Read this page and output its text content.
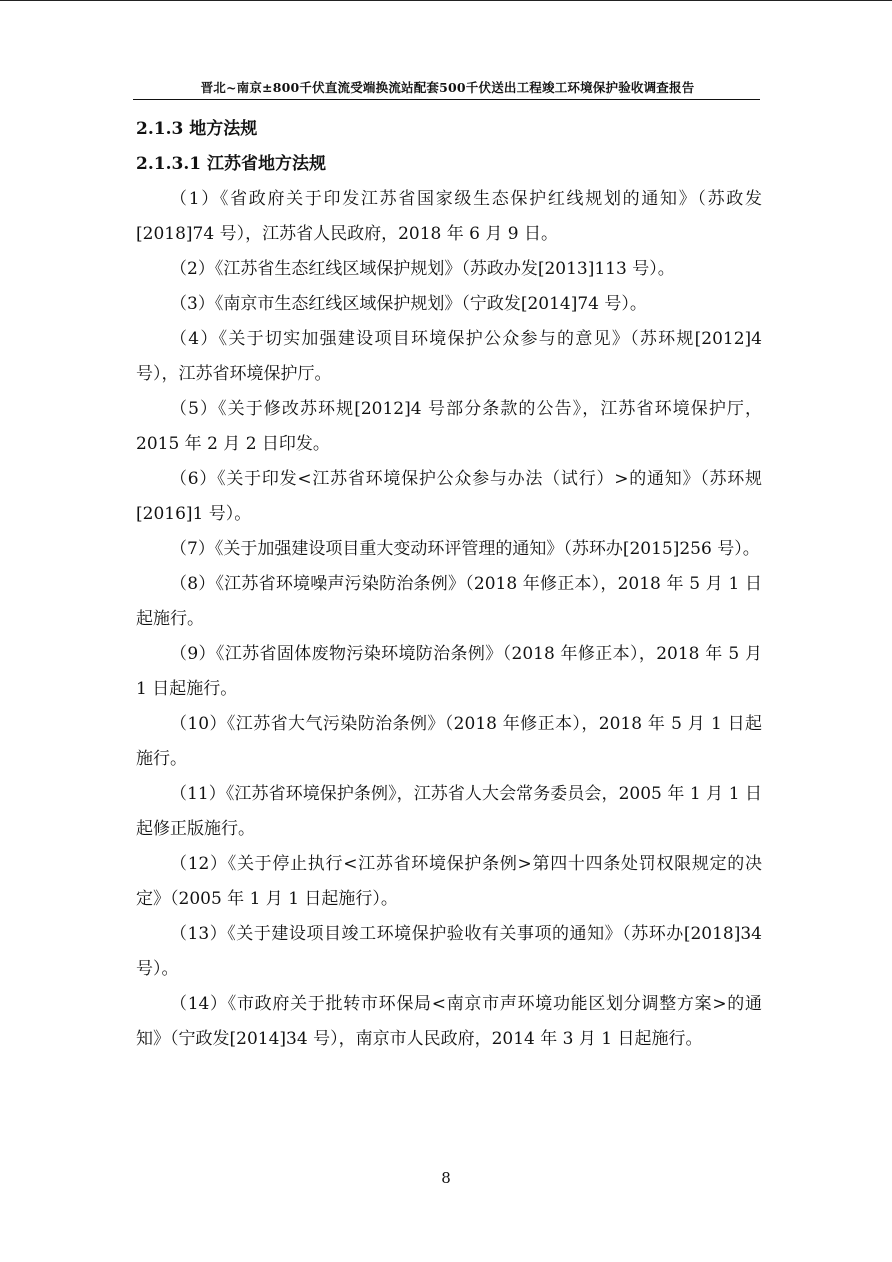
晋北~南京±800千伏直流受端换流站配套500千伏送出工程竣工环境保护验收调查报告

2.1.3 地方法规

2.1.3.1 江苏省地方法规

（1）《省政府关于印发江苏省国家级生态保护红线规划的通知》（苏政发[2018]74 号），江苏省人民政府，2018 年 6 月 9 日。

（2）《江苏省生态红线区域保护规划》（苏政办发[2013]113 号）。

（3）《南京市生态红线区域保护规划》（宁政发[2014]74 号）。

（4）《关于切实加强建设项目环境保护公众参与的意见》（苏环规[2012]4 号），江苏省环境保护厅。

（5）《关于修改苏环规[2012]4 号部分条款的公告》，江苏省环境保护厅，2015 年 2 月 2 日印发。

（6）《关于印发<江苏省环境保护公众参与办法（试行）>的通知》（苏环规[2016]1 号）。

（7）《关于加强建设项目重大变动环评管理的通知》（苏环办[2015]256 号）。

（8）《江苏省环境噪声污染防治条例》（2018 年修正本），2018 年 5 月 1 日起施行。

（9）《江苏省固体废物污染环境防治条例》（2018 年修正本），2018 年 5 月 1 日起施行。

（10）《江苏省大气污染防治条例》（2018 年修正本），2018 年 5 月 1 日起施行。

（11）《江苏省环境保护条例》，江苏省人大会常务委员会，2005 年 1 月 1 日起修正版施行。

（12）《关于停止执行<江苏省环境保护条例>第四十四条处罚权限规定的决定》（2005 年 1 月 1 日起施行）。

（13）《关于建设项目竣工环境保护验收有关事项的通知》（苏环办[2018]34 号）。

（14）《市政府关于批转市环保局<南京市声环境功能区划分调整方案>的通知》（宁政发[2014]34 号），南京市人民政府，2014 年 3 月 1 日起施行。

8
